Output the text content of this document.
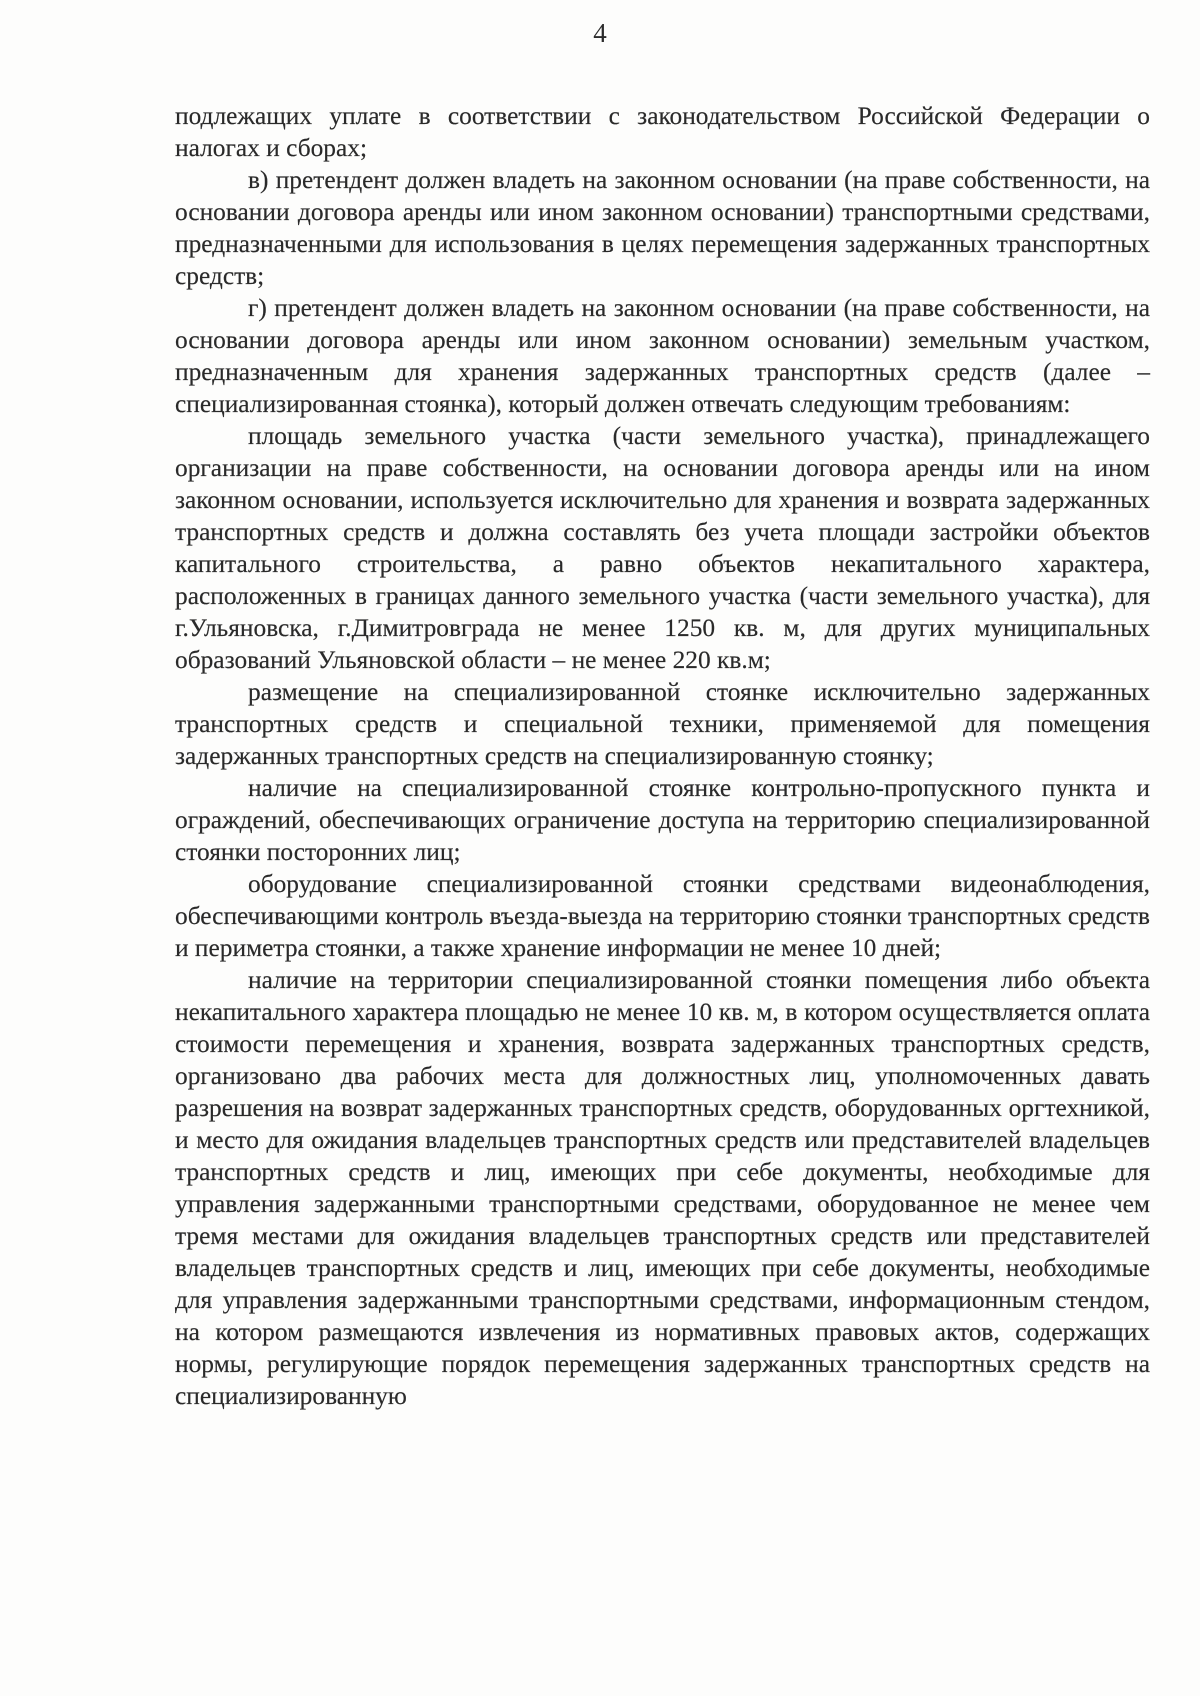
4

подлежащих уплате в соответствии с законодательством Российской Федерации о налогах и сборах;

в) претендент должен владеть на законном основании (на праве собственности, на основании договора аренды или ином законном основании) транспортными средствами, предназначенными для использования в целях перемещения задержанных транспортных средств;

г) претендент должен владеть на законном основании (на праве собственности, на основании договора аренды или ином законном основании) земельным участком, предназначенным для хранения задержанных транспортных средств (далее – специализированная стоянка), который должен отвечать следующим требованиям:

площадь земельного участка (части земельного участка), принадлежащего организации на праве собственности, на основании договора аренды или на ином законном основании, используется исключительно для хранения и возврата задержанных транспортных средств и должна составлять без учета площади застройки объектов капитального строительства, а равно объектов некапитального характера, расположенных в границах данного земельного участка (части земельного участка), для г.Ульяновска, г.Димитровграда не менее 1250 кв. м, для других муниципальных образований Ульяновской области – не менее 220 кв.м;

размещение на специализированной стоянке исключительно задержанных транспортных средств и специальной техники, применяемой для помещения задержанных транспортных средств на специализированную стоянку;

наличие на специализированной стоянке контрольно-пропускного пункта и ограждений, обеспечивающих ограничение доступа на территорию специализированной стоянки посторонних лиц;

оборудование специализированной стоянки средствами видеонаблюдения, обеспечивающими контроль въезда-выезда на территорию стоянки транспортных средств и периметра стоянки, а также хранение информации не менее 10 дней;

наличие на территории специализированной стоянки помещения либо объекта некапитального характера площадью не менее 10 кв. м, в котором осуществляется оплата стоимости перемещения и хранения, возврата задержанных транспортных средств, организовано два рабочих места для должностных лиц, уполномоченных давать разрешения на возврат задержанных транспортных средств, оборудованных оргтехникой, и место для ожидания владельцев транспортных средств или представителей владельцев транспортных средств и лиц, имеющих при себе документы, необходимые для управления задержанными транспортными средствами, оборудованное не менее чем тремя местами для ожидания владельцев транспортных средств или представителей владельцев транспортных средств и лиц, имеющих при себе документы, необходимые для управления задержанными транспортными средствами, информационным стендом, на котором размещаются извлечения из нормативных правовых актов, содержащих нормы, регулирующие порядок перемещения задержанных транспортных средств на специализированную
